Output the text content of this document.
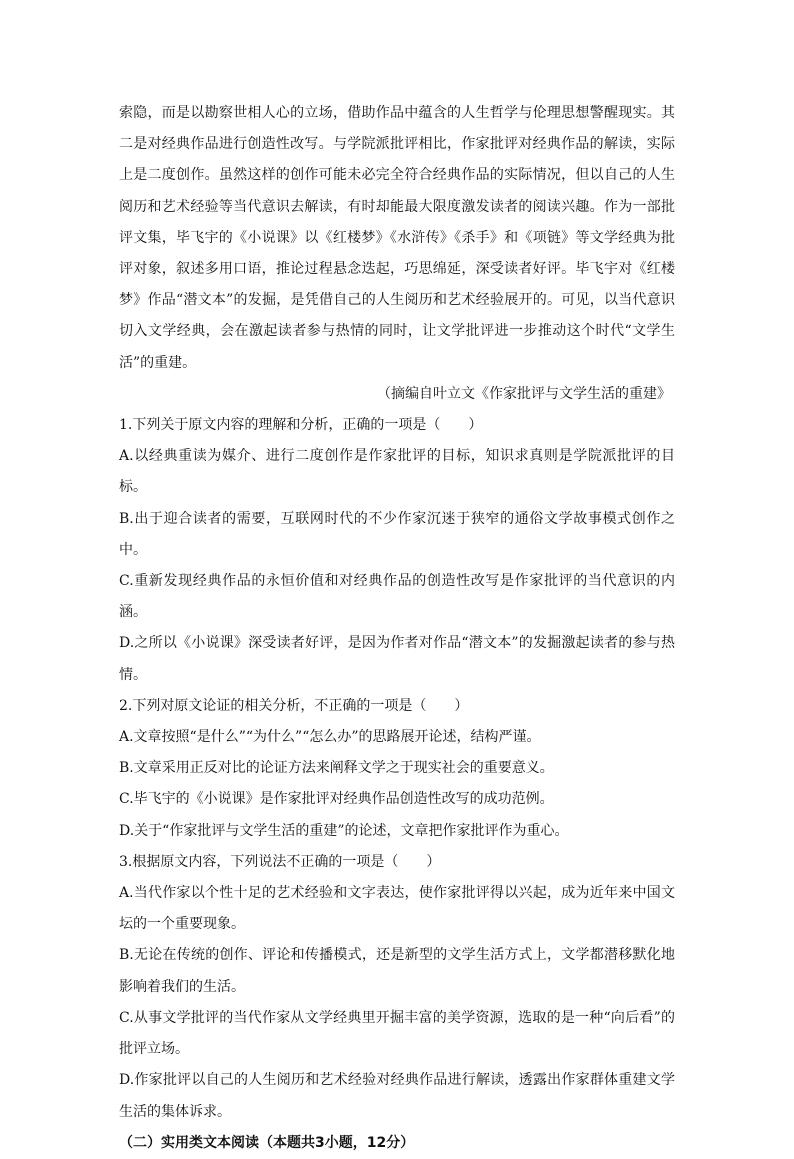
索隐，而是以勘察世相人心的立场，借助作品中蕴含的人生哲学与伦理思想警醒现实。其二是对经典作品进行创造性改写。与学院派批评相比，作家批评对经典作品的解读，实际上是二度创作。虽然这样的创作可能未必完全符合经典作品的实际情况，但以自己的人生阅历和艺术经验等当代意识去解读，有时却能最大限度激发读者的阅读兴趣。作为一部批评文集，毕飞宇的《小说课》以《红楼梦》《水浒传》《杀手》和《项链》等文学经典为批评对象，叙述多用口语，推论过程悬念迭起，巧思绵延，深受读者好评。毕飞宇对《红楼梦》作品“潜文本”的发掘，是凭借自己的人生阅历和艺术经验展开的。可见，以当代意识切入文学经典，会在激起读者参与热情的同时，让文学批评进一步推动这个时代“文学生活”的重建。

（摘编自叶立文《作家批评与文学生活的重建》

1.下列关于原文内容的理解和分析，正确的一项是（　　）

A.以经典重读为媒介、进行二度创作是作家批评的目标，知识求真则是学院派批评的目标。

B.出于迎合读者的需要，互联网时代的不少作家沉迷于狭窄的通俗文学故事模式创作之中。

C.重新发现经典作品的永恒价值和对经典作品的创造性改写是作家批评的当代意识的内涵。

D.之所以《小说课》深受读者好评，是因为作者对作品“潜文本”的发掘激起读者的参与热情。

2.下列对原文论证的相关分析，不正确的一项是（　　）

A.文章按照“是什么”“为什么”“怎么办”的思路展开论述，结构严谨。

B.文章采用正反对比的论证方法来阐释文学之于现实社会的重要意义。

C.毕飞宇的《小说课》是作家批评对经典作品创造性改写的成功范例。

D.关于“作家批评与文学生活的重建”的论述，文章把作家批评作为重心。

3.根据原文内容，下列说法不正确的一项是（　　）

A.当代作家以个性十足的艺术经验和文字表达，使作家批评得以兴起，成为近年来中国文坛的一个重要现象。

B.无论在传统的创作、评论和传播模式，还是新型的文学生活方式上，文学都潜移默化地影响着我们的生活。

C.从事文学批评的当代作家从文学经典里开掘丰富的美学资源，选取的是一种“向后看”的批评立场。

D.作家批评以自己的人生阅历和艺术经验对经典作品进行解读，透露出作家群体重建文学生活的集体诉求。

（二）实用类文本阅读（本题共3小题，12分）
